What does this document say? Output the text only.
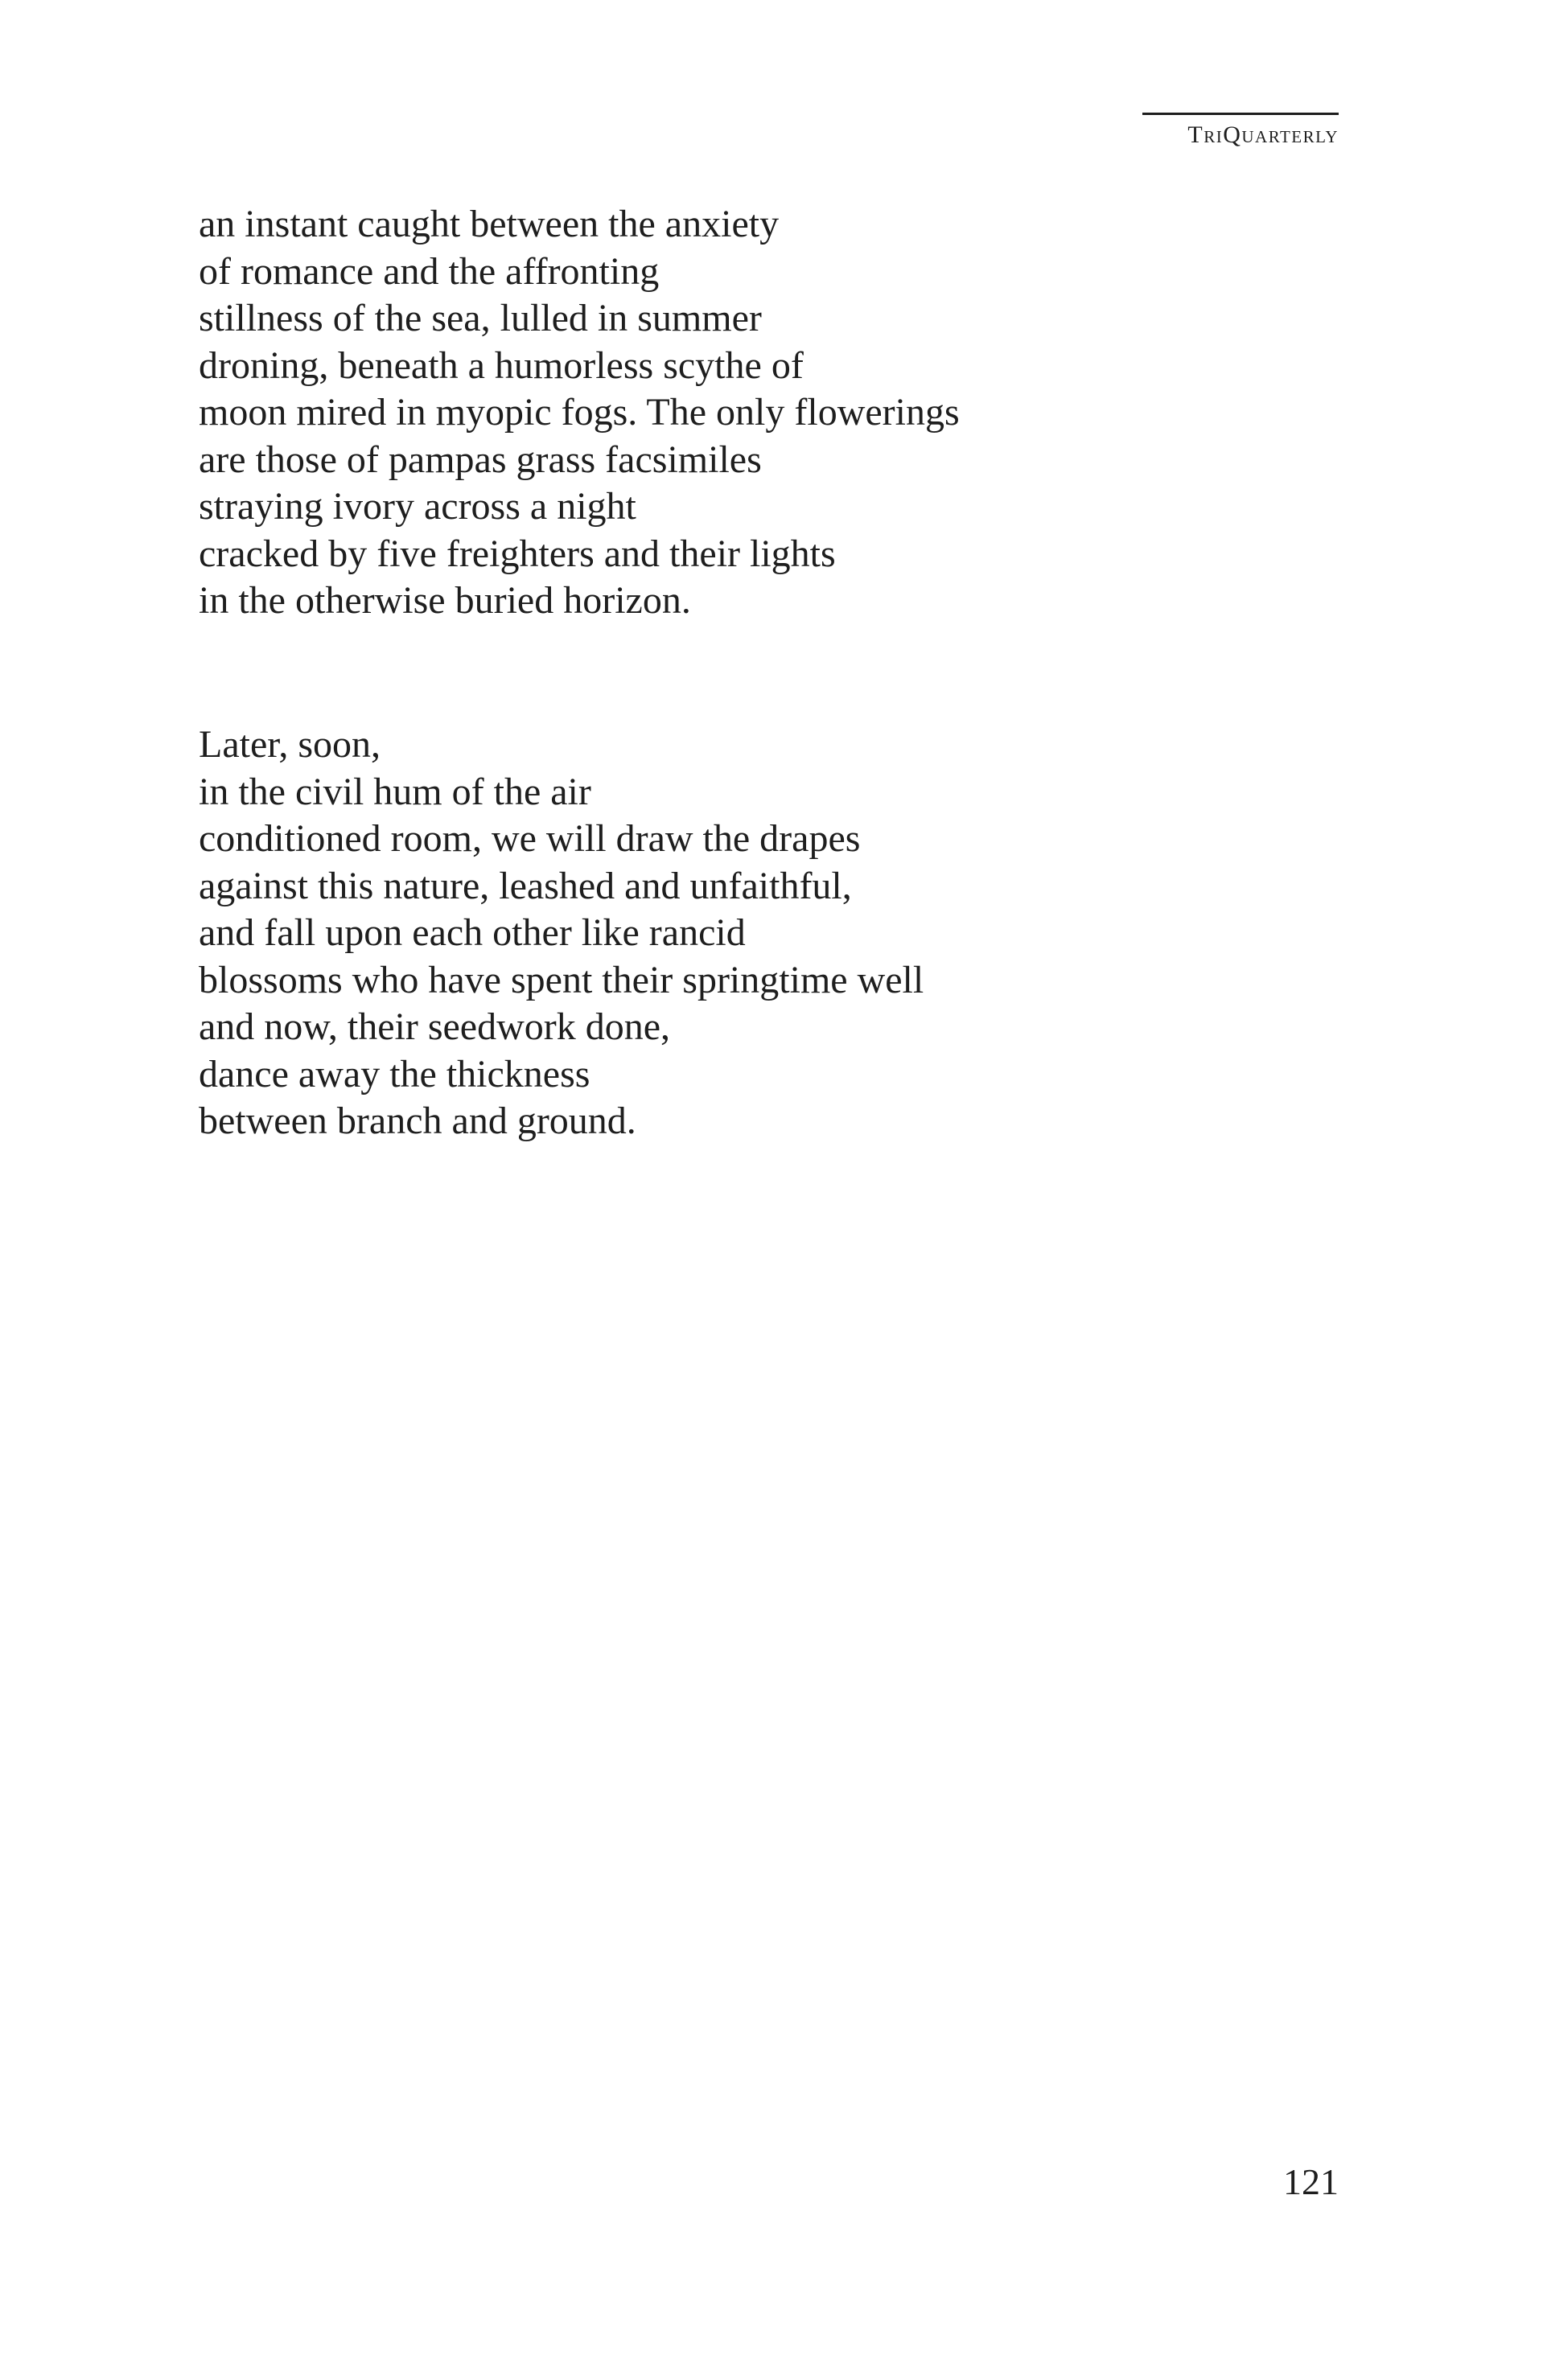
TriQuarterly
an instant caught between the anxiety
of romance and the affronting
stillness of the sea, lulled in summer
droning, beneath a humorless scythe of
moon mired in myopic fogs. The only flowerings
are those of pampas grass facsimiles
straying ivory across a night
cracked by five freighters and their lights
in the otherwise buried horizon.
Later, soon,
in the civil hum of the air
conditioned room, we will draw the drapes
against this nature, leashed and unfaithful,
and fall upon each other like rancid
blossoms who have spent their springtime well
and now, their seedwork done,
dance away the thickness
between branch and ground.
121
